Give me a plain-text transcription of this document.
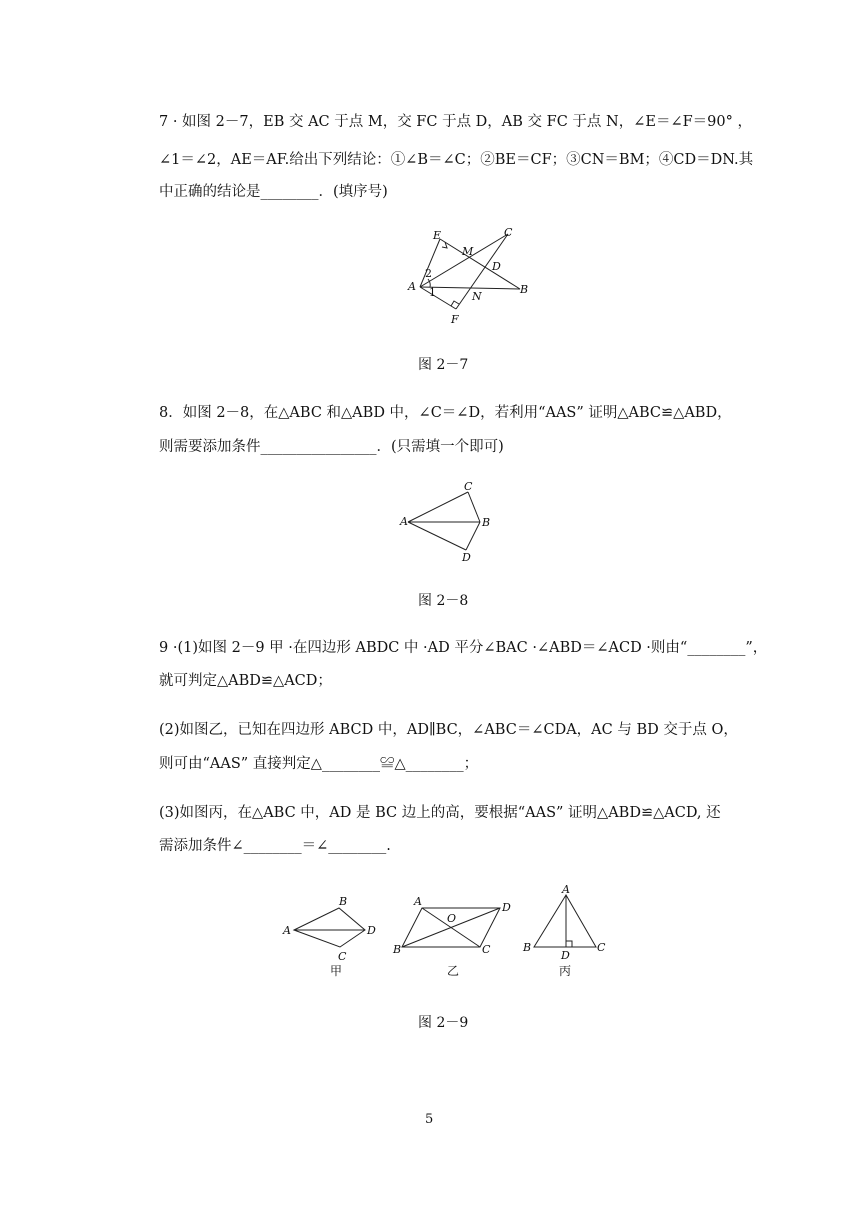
7 · 如图 2－7，EB 交 AC 于点 M，交 FC 于点 D，AB 交 FC 于点 N，∠E＝∠F＝90° ，
∠1＝∠2，AE＝AF.给出下列结论：①∠B＝∠C；②BE＝CF；③CN＝BM；④CD＝DN.其
中正确的结论是________．(填序号)
E
M
C
D
A
N
B
F
2
1
图 2－7
8．如图 2－8，在△ABC 和△ABD 中，∠C＝∠D，若利用“AAS” 证明△ABC≌△ABD，
则需要添加条件________________．(只需填一个即可)
A	B
C
D
图 2－8
9 ·(1)如图 2－9 甲 ·在四边形 ABDC 中 ·AD 平分∠BAC ·∠ABD＝∠ACD ·则由“________”，
就可判定△ABD≌△ACD；
(2)如图乙，已知在四边形 ABCD 中，AD∥BC，∠ABC＝∠CDA，AC 与 BD 交于点 O，
则可由“AAS” 直接判定△________≌△________；
(3)如图丙，在△ABC 中，AD 是 BC 边上的高，要根据“AAS” 证明△ABD≌△ACD, 还
需添加条件∠________＝∠________.
A
B
D
C
甲
A	D
B	C
O
乙
A
B	C
D
丙
图 2－9
5
